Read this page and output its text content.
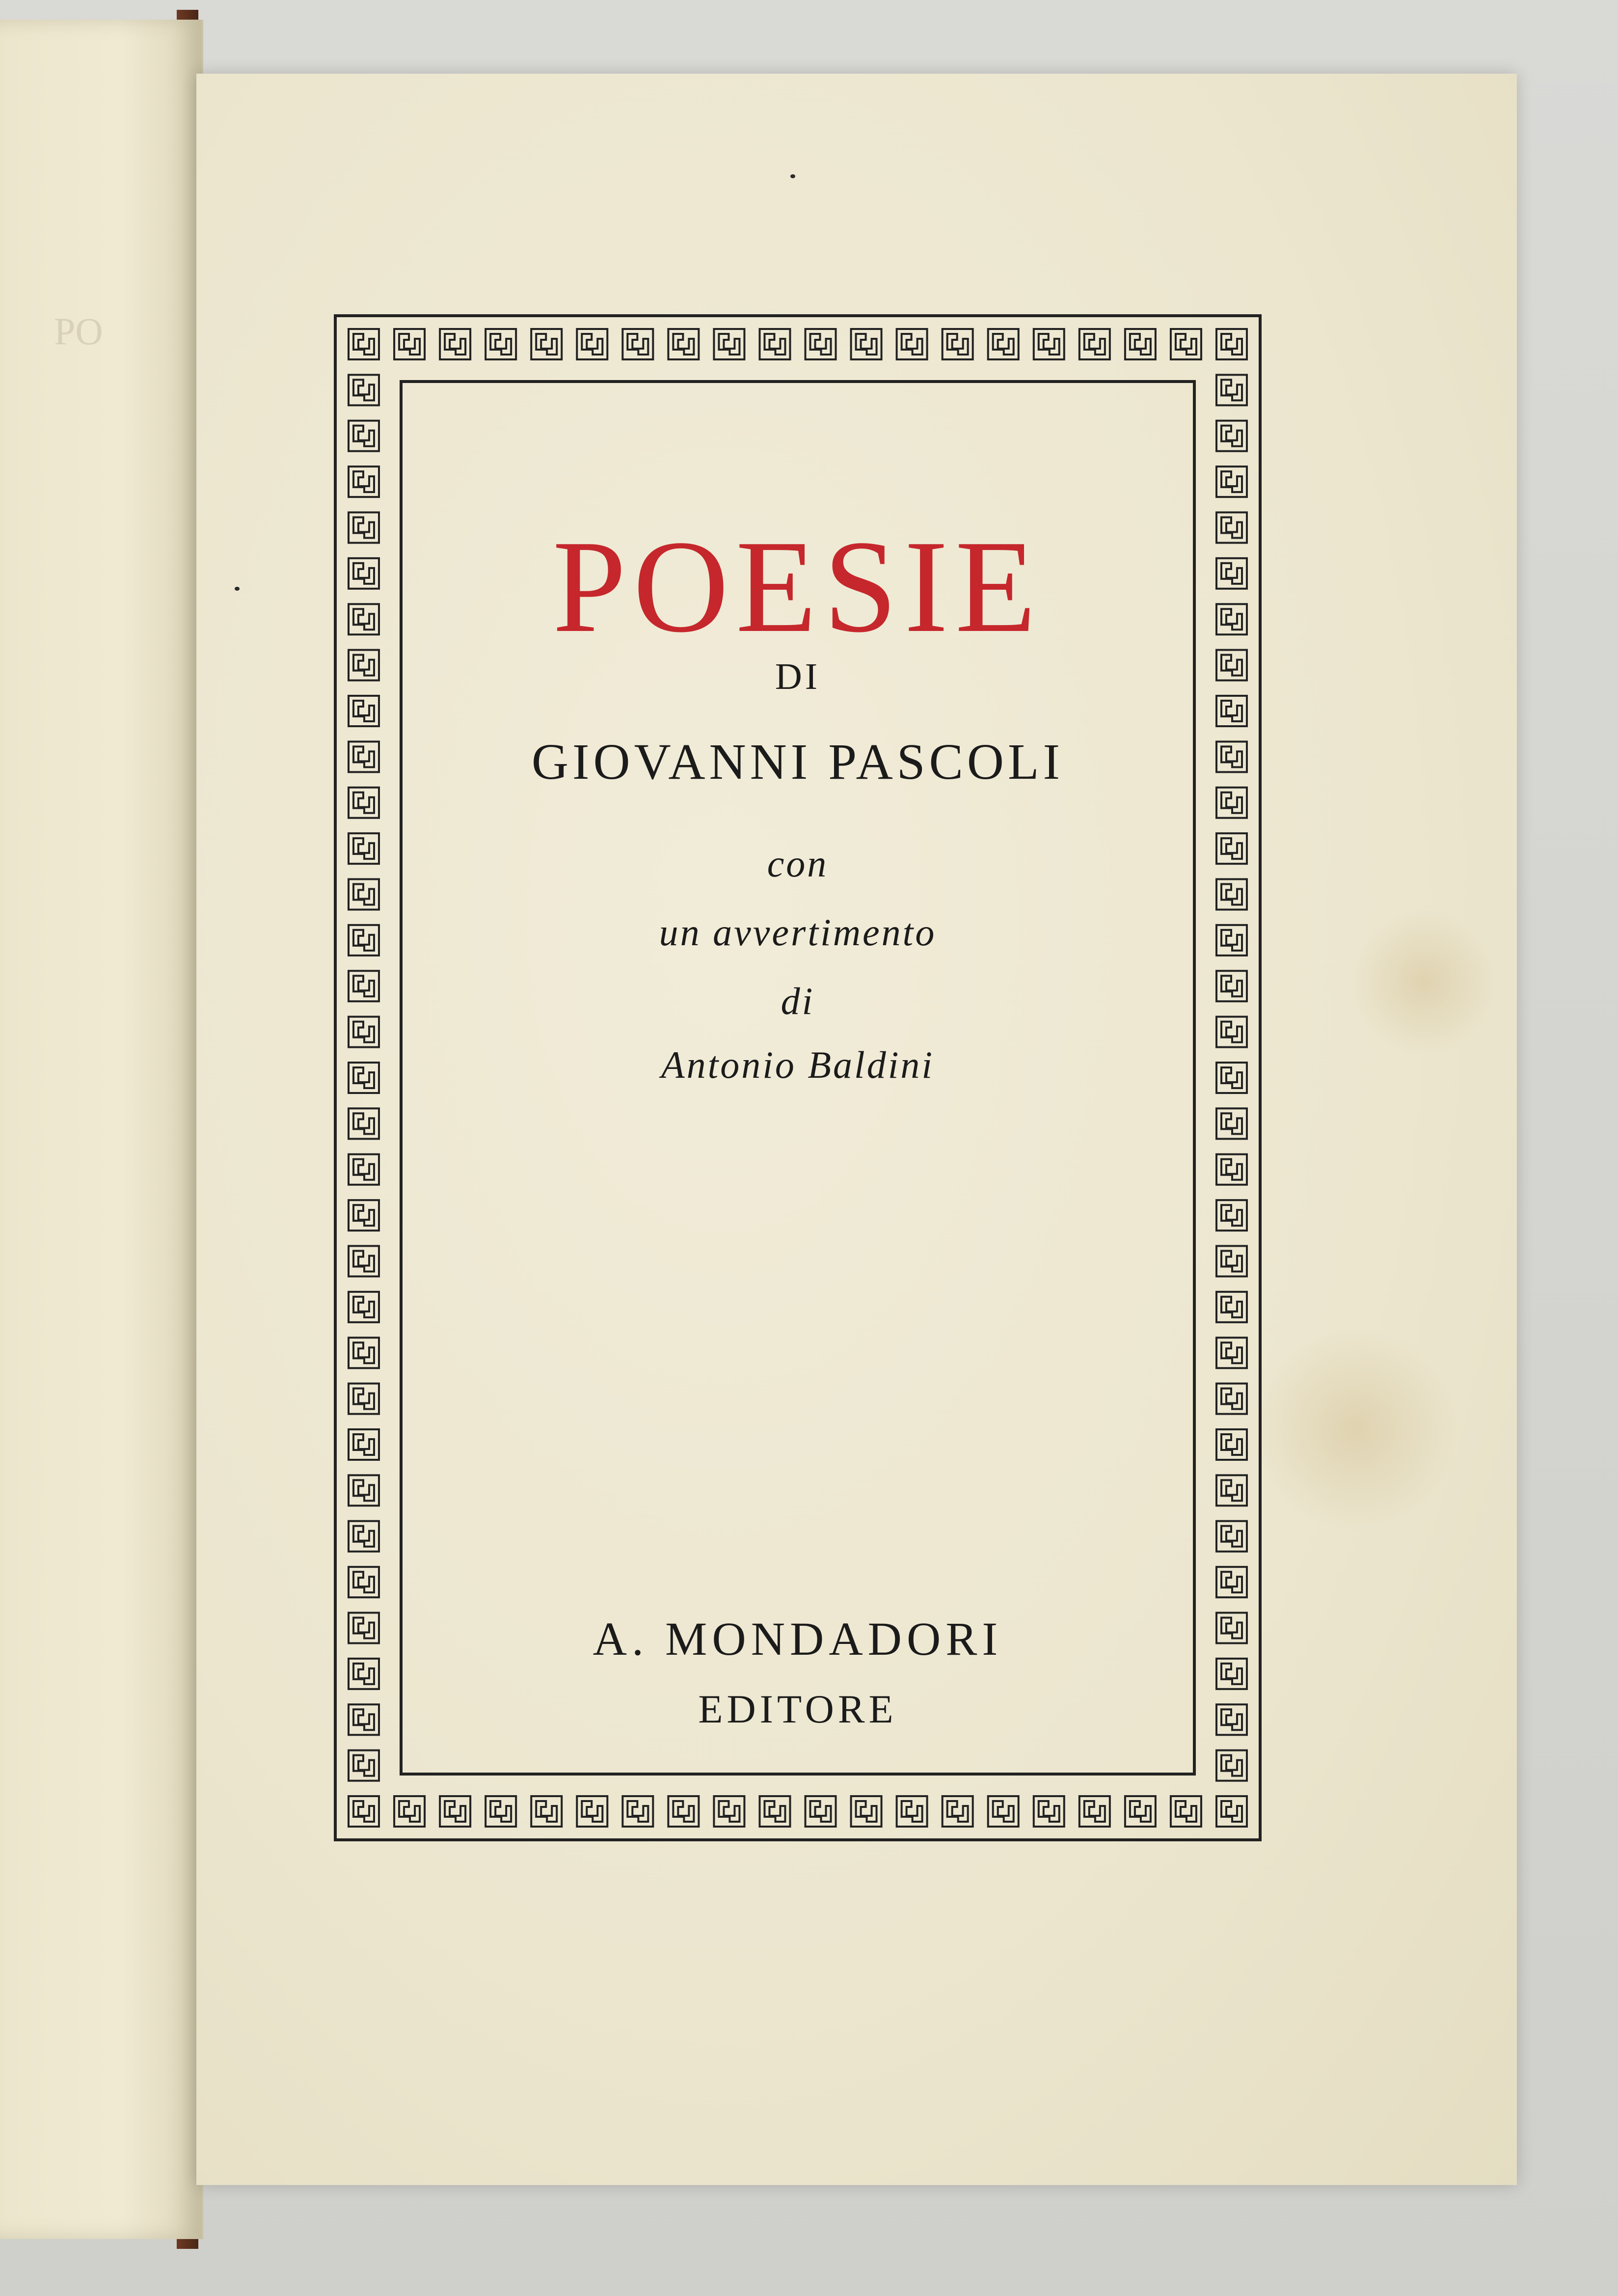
PO
POESIE
DI
GIOVANNI PASCOLI
con
un avvertimento
di
Antonio Baldini
A. MONDADORI
EDITORE
